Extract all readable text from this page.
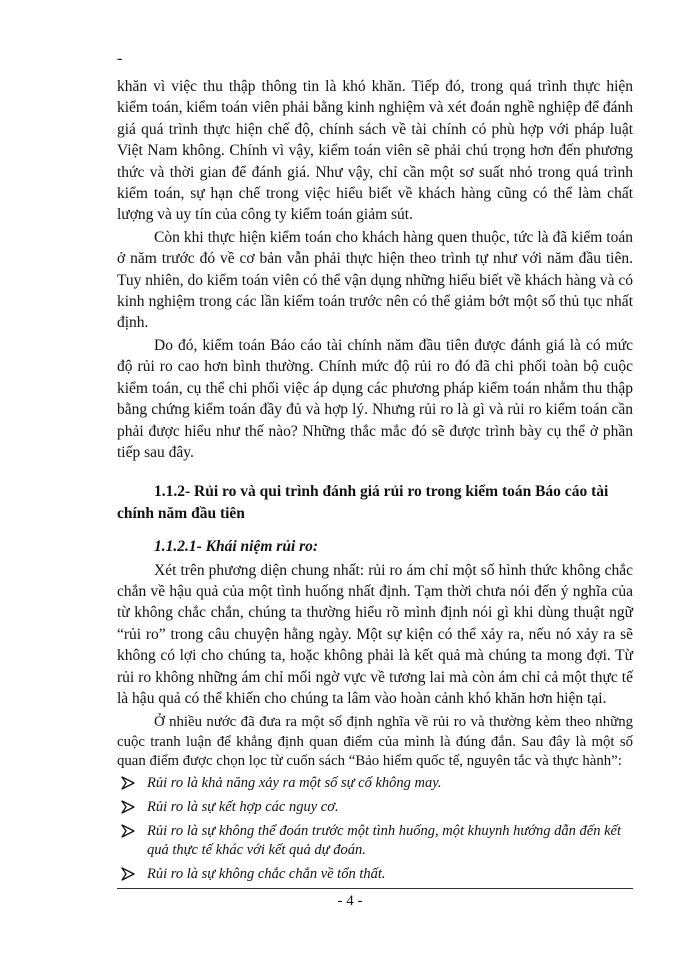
-

khăn vì việc thu thập thông tin là khó khăn. Tiếp đó, trong quá trình thực hiện kiểm toán, kiểm toán viên phải bằng kinh nghiệm và xét đoán nghề nghiệp để đánh giá quá trình thực hiện chế độ, chính sách về tài chính có phù hợp với pháp luật Việt Nam không. Chính vì vậy, kiểm toán viên sẽ phải chú trọng hơn đến phương thức và thời gian để đánh giá. Như vậy, chỉ cần một sơ suất nhỏ trong quá trình kiểm toán, sự hạn chế trong việc hiểu biết về khách hàng cũng có thể làm chất lượng và uy tín của công ty kiểm toán giảm sút.

Còn khi thực hiện kiểm toán cho khách hàng quen thuộc, tức là đã kiểm toán ở năm trước đó về cơ bản vẫn phải thực hiện theo trình tự như với năm đầu tiên. Tuy nhiên, do kiểm toán viên có thể vận dụng những hiểu biết về khách hàng và có kinh nghiệm trong các lần kiểm toán trước nên có thể giảm bớt một số thủ tục nhất định.

Do đó, kiểm toán Báo cáo tài chính năm đầu tiên được đánh giá là có mức độ rủi ro cao hơn bình thường. Chính mức độ rủi ro đó đã chi phối toàn bộ cuộc kiểm toán, cụ thể chi phối việc áp dụng các phương pháp kiểm toán nhằm thu thập bằng chứng kiểm toán đầy đủ và hợp lý. Nhưng rủi ro là gì và rủi ro kiểm toán cần phải được hiểu như thế nào? Những thắc mắc đó sẽ được trình bày cụ thể ở phần tiếp sau đây.

1.1.2- Rủi ro và qui trình đánh giá rủi ro trong kiểm toán Báo cáo tài chính năm đầu tiên
1.1.2.1- Khái niệm rủi ro:

Xét trên phương diện chung nhất: rủi ro ám chỉ một số hình thức không chắc chắn về hậu quả của một tình huống nhất định. Tạm thời chưa nói đến ý nghĩa của từ không chắc chắn, chúng ta thường hiểu rõ mình định nói gì khi dùng thuật ngữ “rủi ro” trong câu chuyện hằng ngày. Một sự kiện có thể xảy ra, nếu nó xảy ra sẽ không có lợi cho chúng ta, hoặc không phải là kết quả mà chúng ta mong đợi. Từ rủi ro không những ám chỉ mối ngờ vực về tương lai mà còn ám chỉ cả một thực tế là hậu quả có thể khiến cho chúng ta lâm vào hoàn cảnh khó khăn hơn hiện tại.

Ở nhiều nước đã đưa ra một số định nghĩa về rủi ro và thường kèm theo những cuộc tranh luận để khẳng định quan điểm của mình là đúng đắn. Sau đây là một số quan điểm được chọn lọc từ cuốn sách “Bảo hiểm quốc tế, nguyên tắc và thực hành”:

Rủi ro là khả năng xảy ra một số sự cố không may.
Rủi ro là sự kết hợp các nguy cơ.
Rủi ro là sự không thể đoán trước một tình huống, một khuynh hướng dẫn đến kết quả thực tế khác với kết quả dự đoán.
Rủi ro là sự không chắc chắn về tổn thất.
- 4 -
